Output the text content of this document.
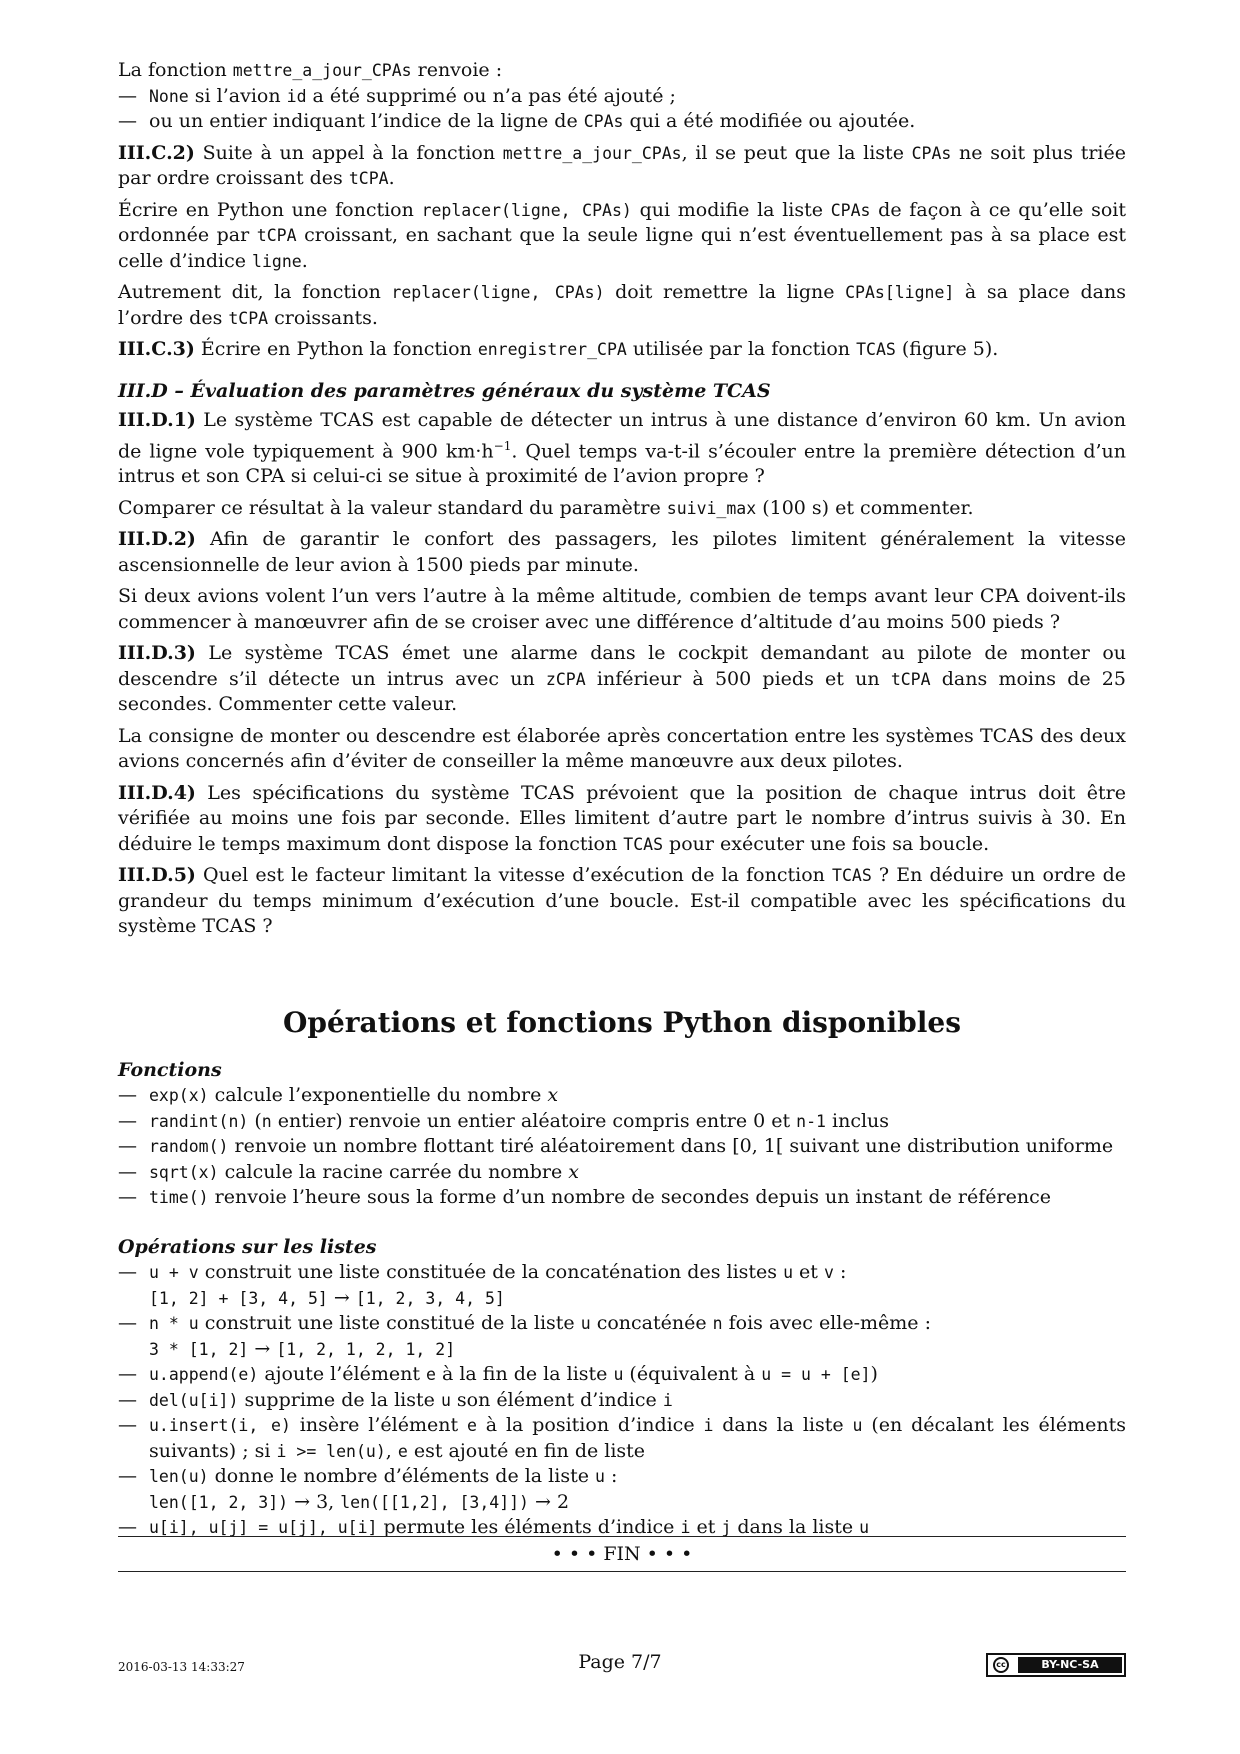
La fonction mettre_a_jour_CPAs renvoie :

— None si l’avion id a été supprimé ou n’a pas été ajouté ;
— ou un entier indiquant l’indice de la ligne de CPAs qui a été modifiée ou ajoutée.

III.C.2) Suite à un appel à la fonction mettre_a_jour_CPAs, il se peut que la liste CPAs ne soit plus triée par ordre croissant des tCPA.

Écrire en Python une fonction replacer(ligne, CPAs) qui modifie la liste CPAs de façon à ce qu’elle soit ordonnée par tCPA croissant, en sachant que la seule ligne qui n’est éventuellement pas à sa place est celle d’indice ligne.

Autrement dit, la fonction replacer(ligne, CPAs) doit remettre la ligne CPAs[ligne] à sa place dans l’ordre des tCPA croissants.

III.C.3) Écrire en Python la fonction enregistrer_CPA utilisée par la fonction TCAS (figure 5).

III.D – Évaluation des paramètres généraux du système TCAS

III.D.1) Le système TCAS est capable de détecter un intrus à une distance d’environ 60 km. Un avion de ligne vole typiquement à 900 $km\cdot h^{-1}$. Quel temps va-t-il s’écouler entre la première détection d’un intrus et son CPA si celui-ci se situe à proximité de l’avion propre ?

Comparer ce résultat à la valeur standard du paramètre suivi_max (100 s) et commenter.

III.D.2) Afin de garantir le confort des passagers, les pilotes limitent généralement la vitesse ascensionnelle de leur avion à 1500 pieds par minute.

Si deux avions volent l’un vers l’autre à la même altitude, combien de temps avant leur CPA doivent-ils commencer à manœuvrer afin de se croiser avec une différence d’altitude d’au moins 500 pieds ?

III.D.3) Le système TCAS émet une alarme dans le cockpit demandant au pilote de monter ou descendre s’il détecte un intrus avec un zCPA inférieur à 500 pieds et un tCPA dans moins de 25 secondes. Commenter cette valeur.

La consigne de monter ou descendre est élaborée après concertation entre les systèmes TCAS des deux avions concernés afin d’éviter de conseiller la même manœuvre aux deux pilotes.

III.D.4) Les spécifications du système TCAS prévoient que la position de chaque intrus doit être vérifiée au moins une fois par seconde. Elles limitent d’autre part le nombre d’intrus suivis à 30. En déduire le temps maximum dont dispose la fonction TCAS pour exécuter une fois sa boucle.

III.D.5) Quel est le facteur limitant la vitesse d’exécution de la fonction TCAS ? En déduire un ordre de grandeur du temps minimum d’exécution d’une boucle. Est-il compatible avec les spécifications du système TCAS ?

Opérations et fonctions Python disponibles
Fonctions
— exp(x) calcule l’exponentielle du nombre x
— randint(n) (n entier) renvoie un entier aléatoire compris entre 0 et n-1 inclus
— random() renvoie un nombre flottant tiré aléatoirement dans [0, 1[ suivant une distribution uniforme
— sqrt(x) calcule la racine carrée du nombre x
— time() renvoie l’heure sous la forme d’un nombre de secondes depuis un instant de référence
Opérations sur les listes
— u + v construit une liste constituée de la concaténation des listes u et v :
[1, 2] + [3, 4, 5] → [1, 2, 3, 4, 5]
— n * u construit une liste constitué de la liste u concaténée n fois avec elle-même :
3 * [1, 2] → [1, 2, 1, 2, 1, 2]
— u.append(e) ajoute l’élément e à la fin de la liste u (équivalent à u = u + [e])
— del(u[i]) supprime de la liste u son élément d’indice i
— u.insert(i, e) insère l’élément e à la position d’indice i dans la liste u (en décalant les éléments suivants) ; si i >= len(u), e est ajouté en fin de liste
— len(u) donne le nombre d’éléments de la liste u :
len([1, 2, 3]) → 3, len([[1,2], [3,4]]) → 2
— u[i], u[j] = u[j], u[i] permute les éléments d’indice i et j dans la liste u
• • • FIN • • •
2016-03-13 14:33:27	Page 7/7	cc	BY-NC-SA
